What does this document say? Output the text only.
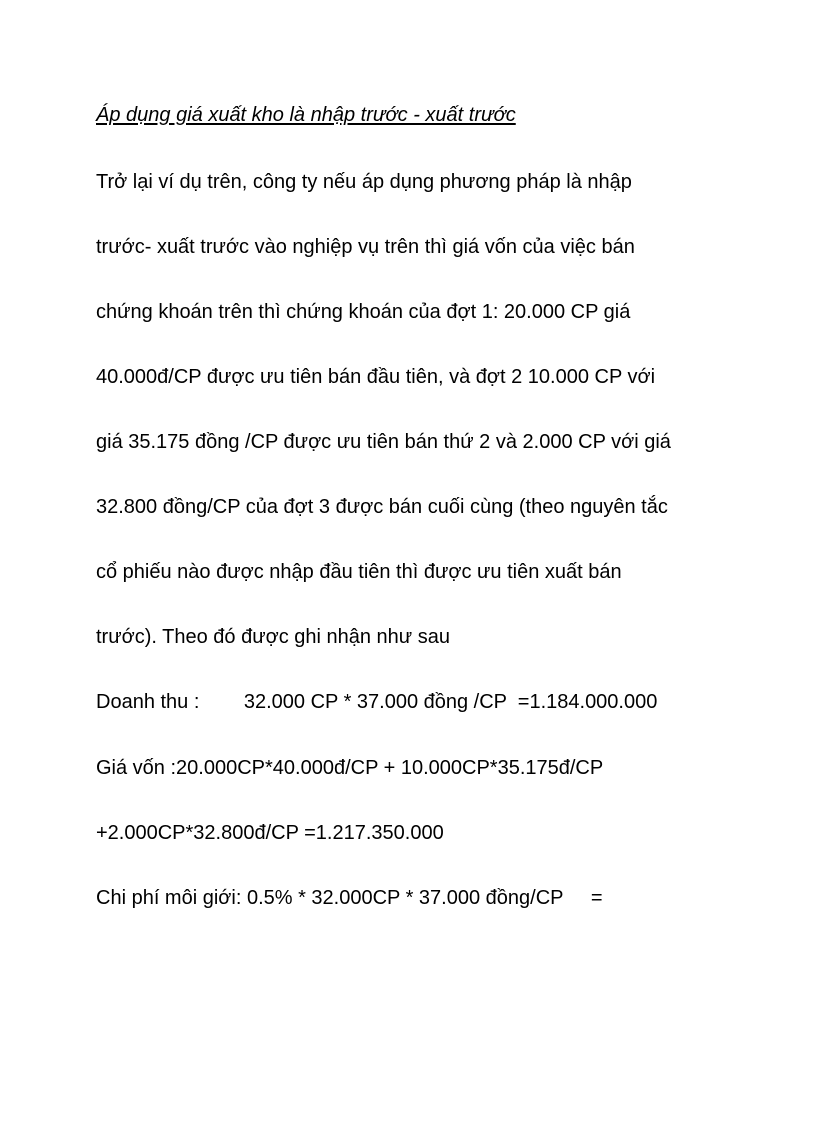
Áp dụng giá xuất kho là nhập trước - xuất trước

Trở lại ví dụ trên, công ty nếu áp dụng phương pháp là nhập

trước- xuất trước vào nghiệp vụ trên thì giá vốn của việc bán

chứng khoán trên thì chứng khoán của đợt 1: 20.000 CP giá

40.000đ/CP được ưu tiên bán đầu tiên, và đợt 2 10.000 CP với

giá 35.175 đồng /CP được ưu tiên bán thứ 2 và 2.000 CP với giá

32.800 đồng/CP của đợt 3 được bán cuối cùng (theo nguyên tắc

cổ phiếu nào được nhập đầu tiên thì được ưu tiên xuất bán

trước). Theo đó được ghi nhận như sau

Doanh thu :        32.000 CP * 37.000 đồng /CP  =1.184.000.000

Giá vốn :20.000CP*40.000đ/CP + 10.000CP*35.175đ/CP

+2.000CP*32.800đ/CP =1.217.350.000

Chi phí môi giới: 0.5% * 32.000CP * 37.000 đồng/CP     =
